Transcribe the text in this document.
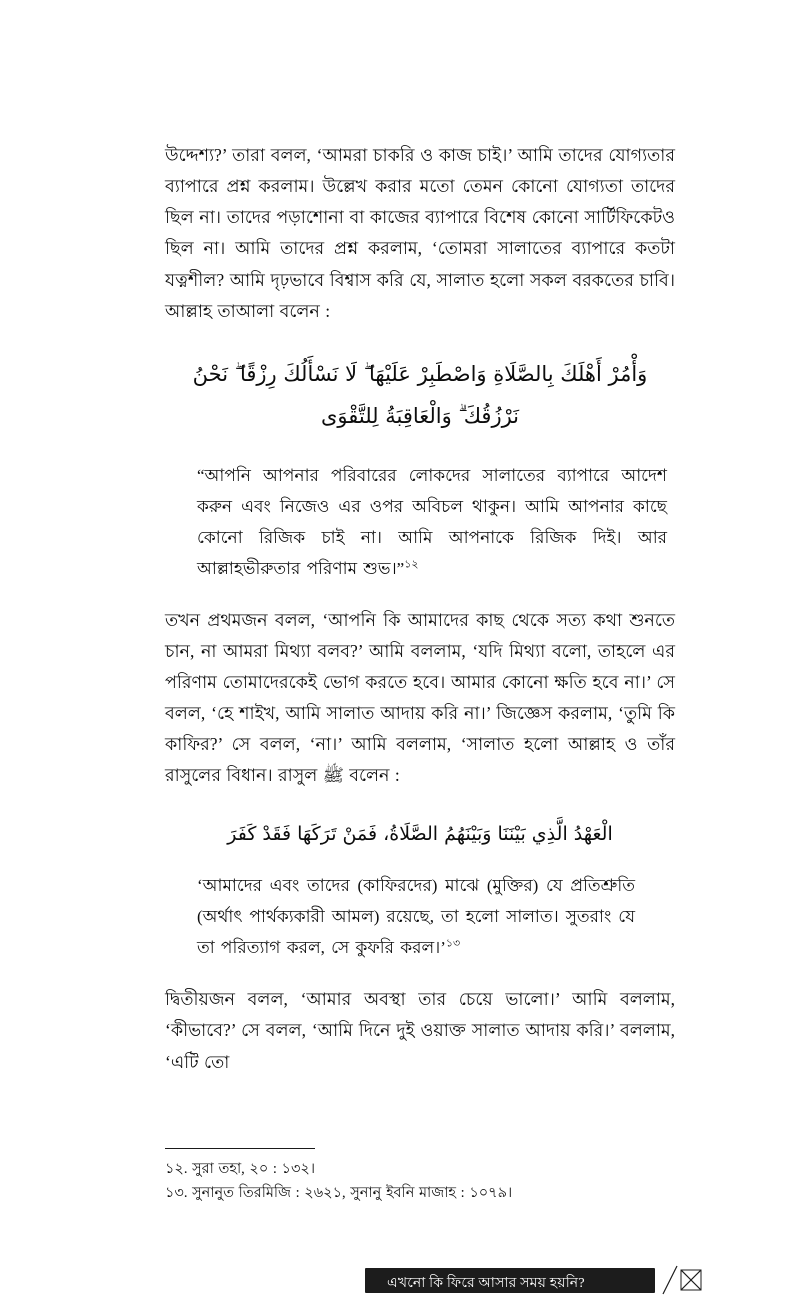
উদ্দেশ্য?’ তারা বলল, ‘আমরা চাকরি ও কাজ চাই।’ আমি তাদের যোগ্যতার ব্যাপারে প্রশ্ন করলাম। উল্লেখ করার মতো তেমন কোনো যোগ্যতা তাদের ছিল না। তাদের পড়াশোনা বা কাজের ব্যাপারে বিশেষ কোনো সার্টিফিকেটও ছিল না। আমি তাদের প্রশ্ন করলাম, ‘তোমরা সালাতের ব্যাপারে কতটা যত্নশীল? আমি দৃঢ়ভাবে বিশ্বাস করি যে, সালাত হলো সকল বরকতের চাবি। আল্লাহ তাআলা বলেন :

وَأْمُرْ أَهْلَكَ بِالصَّلَاةِ وَاصْطَبِرْ عَلَيْهَا ۖ لَا نَسْأَلُكَ رِزْقًا ۖ نَحْنُ نَرْزُقُكَ ۗ وَالْعَاقِبَةُ لِلتَّقْوَى

“আপনি আপনার পরিবারের লোকদের সালাতের ব্যাপারে আদেশ করুন এবং নিজেও এর ওপর অবিচল থাকুন। আমি আপনার কাছে কোনো রিজিক চাই না। আমি আপনাকে রিজিক দিই। আর আল্লাহভীরুতার পরিণাম শুভ।”$^{১২}$

তখন প্রথমজন বলল, ‘আপনি কি আমাদের কাছ থেকে সত্য কথা শুনতে চান, না আমরা মিথ্যা বলব?’ আমি বললাম, ‘যদি মিথ্যা বলো, তাহলে এর পরিণাম তোমাদেরকেই ভোগ করতে হবে। আমার কোনো ক্ষতি হবে না।’ সে বলল, ‘হে শাইখ, আমি সালাত আদায় করি না।’ জিজ্ঞেস করলাম, ‘তুমি কি কাফির?’ সে বলল, ‘না।’ আমি বললাম, ‘সালাত হলো আল্লাহ ও তাঁর রাসুলের বিধান। রাসুল ﷺ বলেন :

الْعَهْدُ الَّذِي بَيْنَنَا وَبَيْنَهُمُ الصَّلَاةُ، فَمَنْ تَرَكَهَا فَقَدْ كَفَرَ

‘আমাদের এবং তাদের (কাফিরদের) মাঝে (মুক্তির) যে প্রতিশ্রুতি (অর্থাৎ পার্থক্যকারী আমল) রয়েছে, তা হলো সালাত। সুতরাং যে তা পরিত্যাগ করল, সে কুফরি করল।’$^{১৩}$

দ্বিতীয়জন বলল, ‘আমার অবস্থা তার চেয়ে ভালো।’ আমি বললাম, ‘কীভাবে?’ সে বলল, ‘আমি দিনে দুই ওয়াক্ত সালাত আদায় করি।’ বললাম, ‘এটি তো

১২. সুরা তহা, ২০ : ১৩২।

১৩. সুনানুত তিরমিজি : ২৬২১, সুনানু ইবনি মাজাহ : ১০৭৯।

এখনো কি ফিরে আসার সময় হয়নি?	২১
